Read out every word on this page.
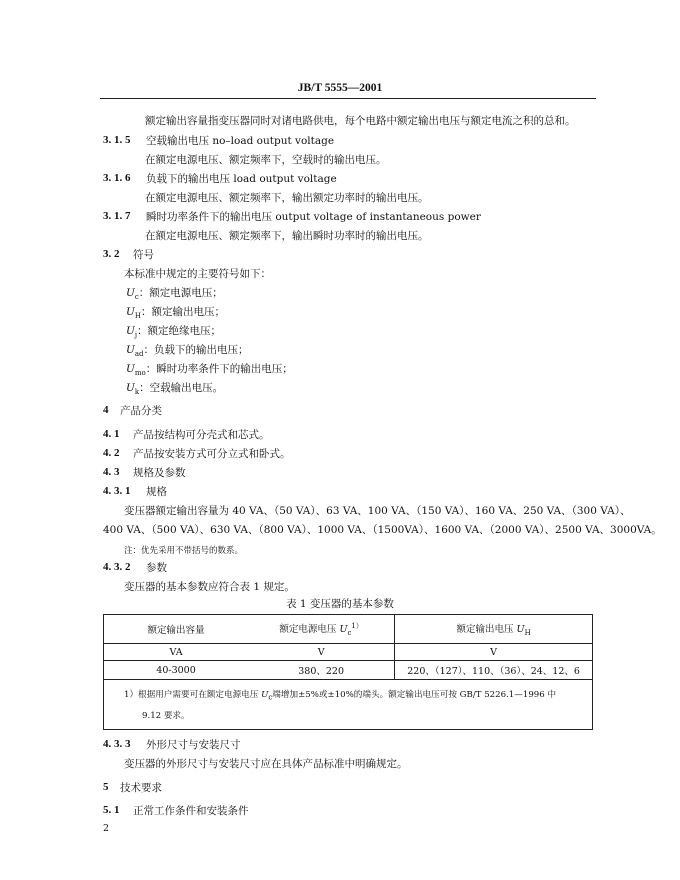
JB/T 5555—2001
额定输出容量指变压器同时对诸电路供电，每个电路中额定输出电压与额定电流之积的总和。
3. 1. 5 空载输出电压 no–load output voltage
在额定电源电压、额定频率下，空载时的输出电压。
3. 1. 6 负载下的输出电压 load output voltage
在额定电源电压、额定频率下，输出额定功率时的输出电压。
3. 1. 7 瞬时功率条件下的输出电压 output voltage of instantaneous power
在额定电源电压、额定频率下，输出瞬时功率时的输出电压。
3. 2 符号
本标准中规定的主要符号如下：
$U_c$：额定电源电压；
$U_H$：额定输出电压；
$U_j$：额定绝缘电压；
$U_{ad}$：负载下的输出电压；
$U_{mo}$：瞬时功率条件下的输出电压；
$U_k$：空载输出电压。
4 产品分类
4. 1 产品按结构可分壳式和芯式。
4. 2 产品按安装方式可分立式和卧式。
4. 3 规格及参数
4. 3. 1 规格
变压器额定输出容量为 40 VA、（50 VA）、63 VA、100 VA、（150 VA）、160 VA、250 VA、（300 VA）、
400 VA、（500 VA）、630 VA、（800 VA）、1000 VA、（1500VA）、1600 VA、（2000 VA）、2500 VA、3000VA。
注：优先采用不带括号的数系。
4. 3. 2 参数
变压器的基本参数应符合表 1 规定。
表 1 变压器的基本参数
额定输出容量	额定电源电压 $U_c^{1)}$	额定输出电压 $U_H$
VA	V	V
40-3000	380、220	220、（127）、110、（36）、24、12、6
1）根据用户需要可在额定电源电压 $U_c$端增加±5%或±10%的端头。额定输出电压可按 GB/T 5226.1—1996 中
9.12 要求。		
4. 3. 3 外形尺寸与安装尺寸
变压器的外形尺寸与安装尺寸应在具体产品标准中明确规定。
5 技术要求
5. 1 正常工作条件和安装条件
2
